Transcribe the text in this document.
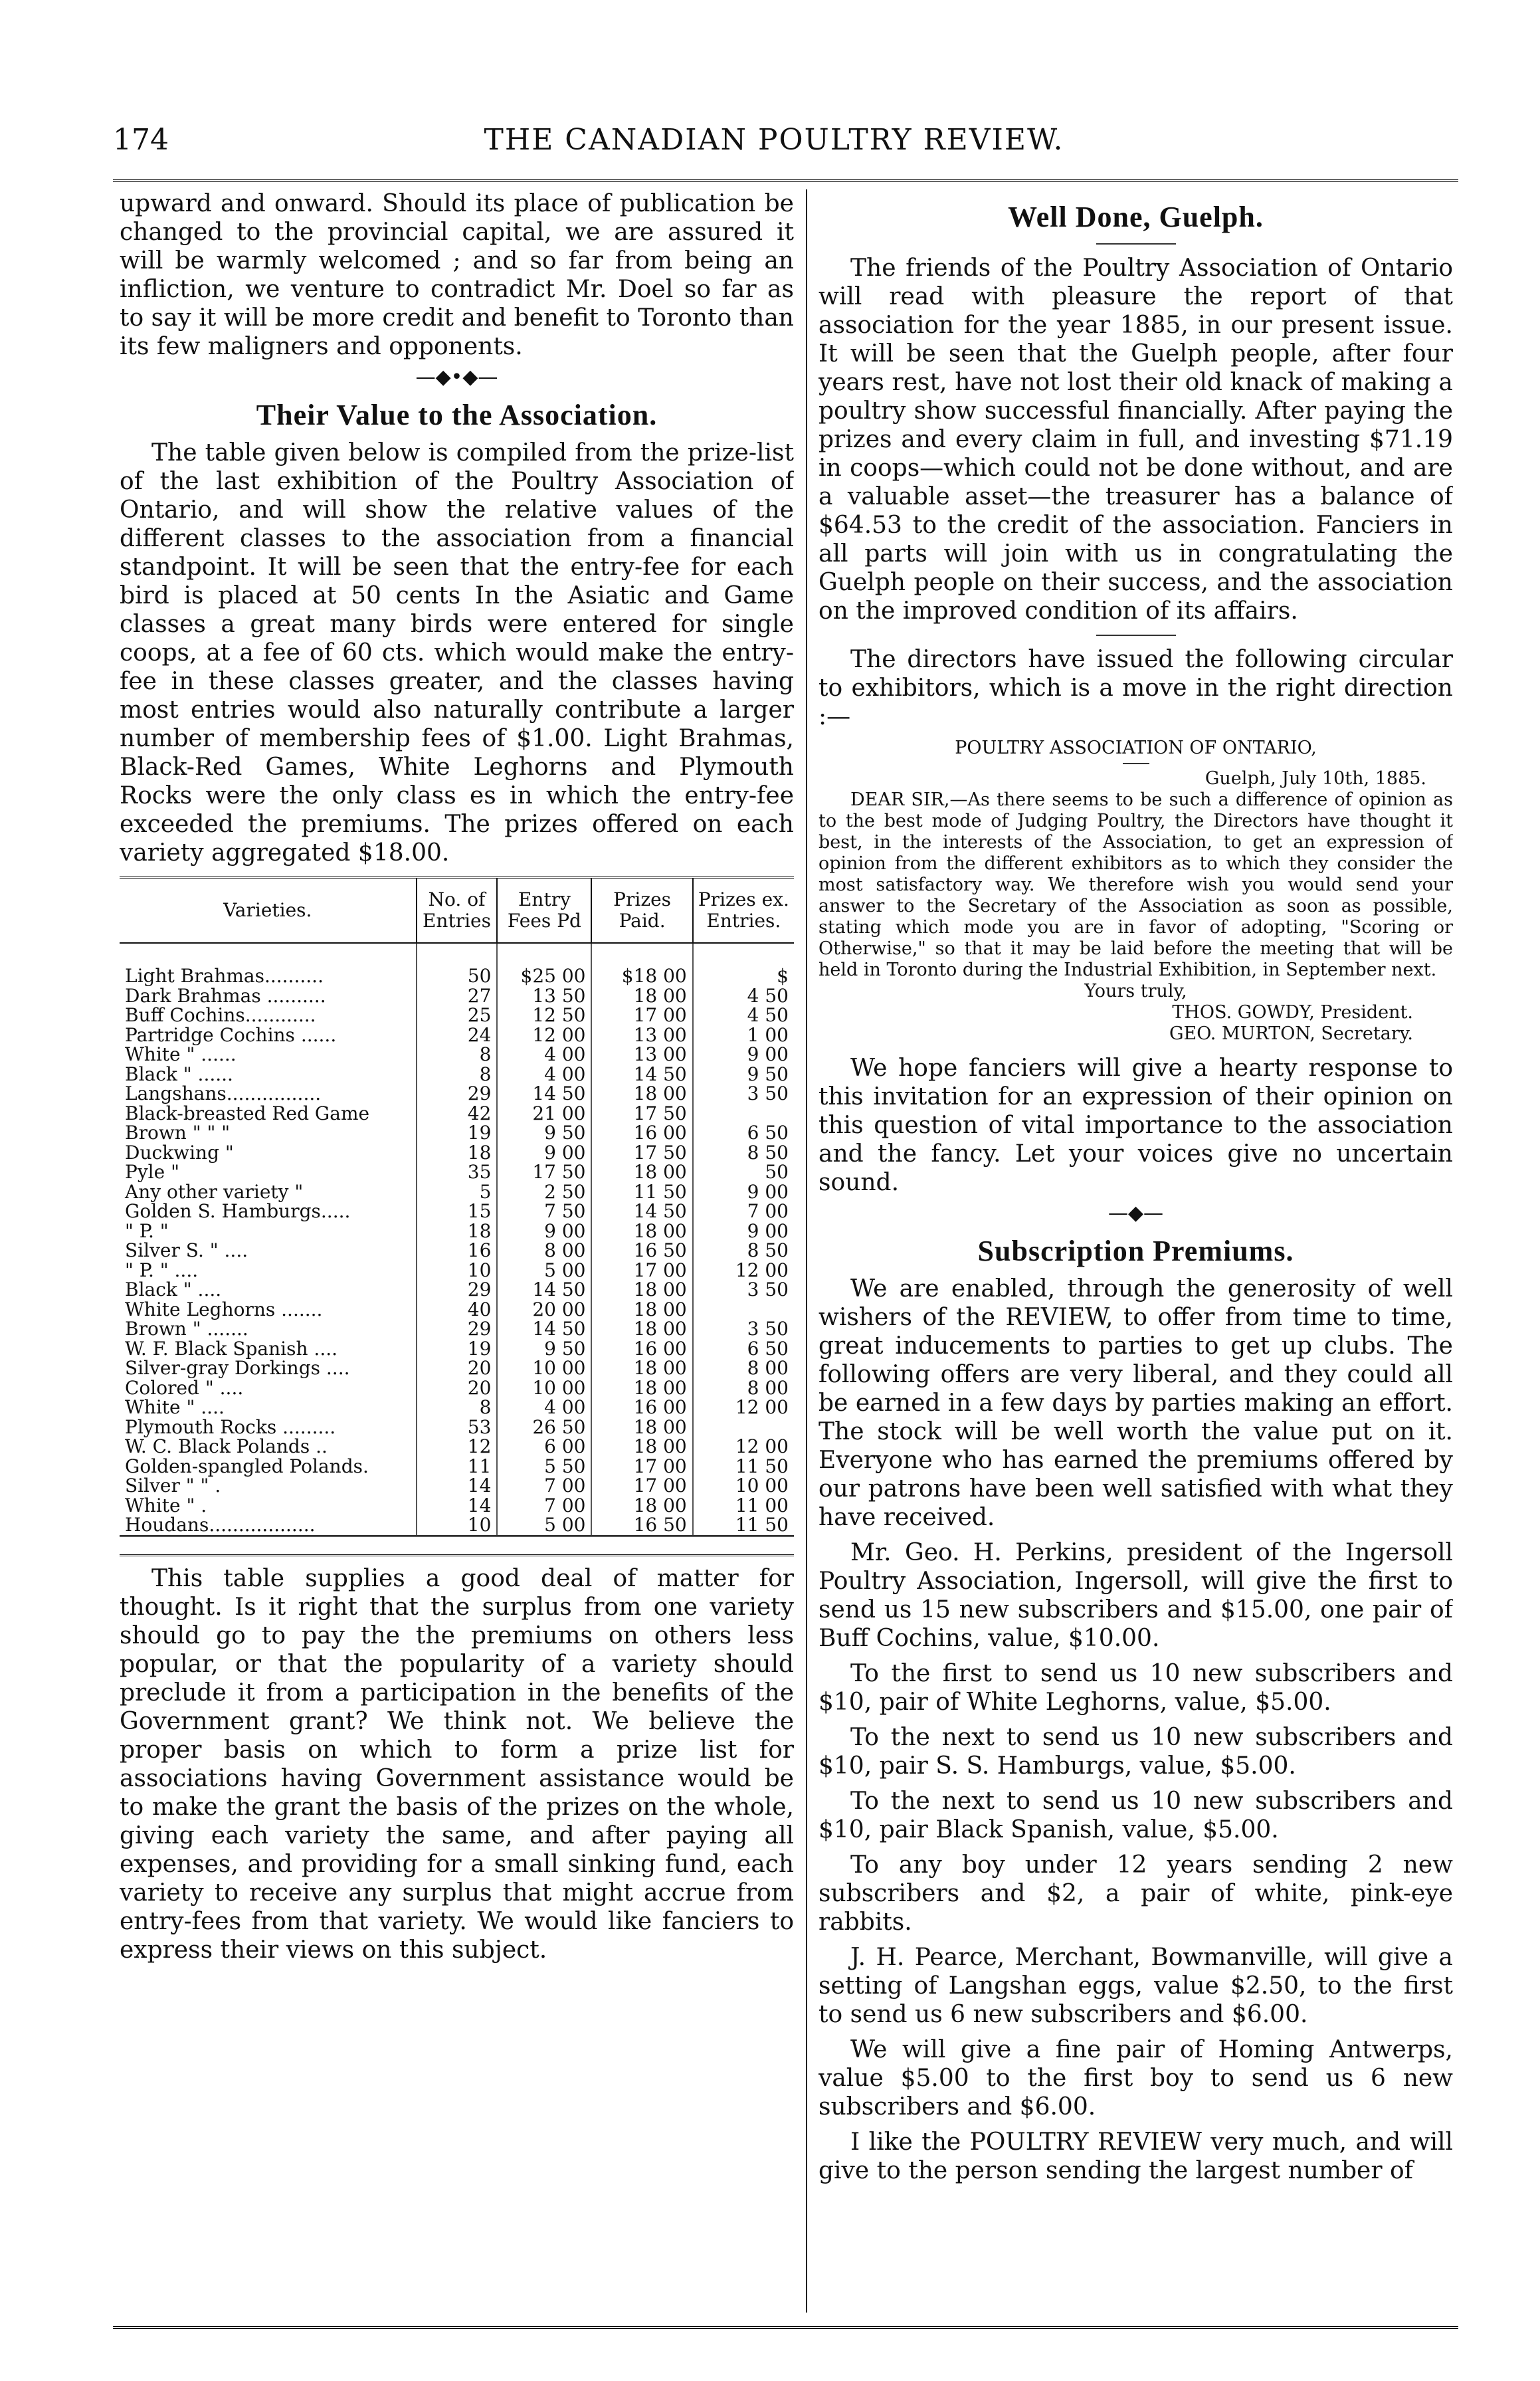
174	THE CANADIAN POULTRY REVIEW.

upward and onward. Should its place of publication be changed to the provincial capital, we are assured it will be warmly welcomed ; and so far from being an infliction, we venture to contradict Mr. Doel so far as to say it will be more credit and benefit to Toronto than its few maligners and opponents.

—◆•◆—
Their Value to the Association.

The table given below is compiled from the prize-list of the last exhibition of the Poultry Association of Ontario, and will show the relative values of the different classes to the association from a financial standpoint. It will be seen that the entry-fee for each bird is placed at 50 cents In the Asiatic and Game classes a great many birds were entered for single coops, at a fee of 60 cts. which would make the entry-fee in these classes greater, and the classes having most entries would also naturally contribute a larger number of membership fees of $1.00. Light Brahmas, Black-Red Games, White Leghorns and Plymouth Rocks were the only class es in which the entry-fee exceeded the premiums. The prizes offered on each variety aggregated $18.00.

Varieties.	No. of Entries	Entry Fees Pd	Prizes Paid.	Prizes ex. Entries.
Light Brahmas..........	50	$25 00	$18 00	$
Dark Brahmas ..........	27	13 50	18 00	4 50
Buff Cochins............	25	12 50	17 00	4 50
Partridge Cochins ......	24	12 00	13 00	1 00
White " ......	8	4 00	13 00	9 00
Black " ......	8	4 00	14 50	9 50
Langshans................	29	14 50	18 00	3 50
Black-breasted Red Game	42	21 00	17 50	
Brown " " "	19	9 50	16 00	6 50
Duckwing "	18	9 00	17 50	8 50
Pyle "	35	17 50	18 00	50
Any other variety "	5	2 50	11 50	9 00
Golden S. Hamburgs.....	15	7 50	14 50	7 00
" P. "	18	9 00	18 00	9 00
Silver S. " ....	16	8 00	16 50	8 50
" P. " ....	10	5 00	17 00	12 00
Black " ....	29	14 50	18 00	3 50
White Leghorns .......	40	20 00	18 00	
Brown " .......	29	14 50	18 00	3 50
W. F. Black Spanish ....	19	9 50	16 00	6 50
Silver-gray Dorkings ....	20	10 00	18 00	8 00
Colored " ....	20	10 00	18 00	8 00
White " ....	8	4 00	16 00	12 00
Plymouth Rocks .........	53	26 50	18 00	
W. C. Black Polands ..	12	6 00	18 00	12 00
Golden-spangled Polands.	11	5 50	17 00	11 50
Silver " " .	14	7 00	17 00	10 00
White " .	14	7 00	18 00	11 00
Houdans..................	10	5 00	16 50	11 50

This table supplies a good deal of matter for thought. Is it right that the surplus from one variety should go to pay the the premiums on others less popular, or that the popularity of a variety should preclude it from a participation in the benefits of the Government grant? We think not. We believe the proper basis on which to form a prize list for associations having Government assistance would be to make the grant the basis of the prizes on the whole, giving each variety the same, and after paying all expenses, and providing for a small sinking fund, each variety to receive any surplus that might accrue from entry-fees from that variety. We would like fanciers to express their views on this subject.

Well Done, Guelph.

The friends of the Poultry Association of Ontario will read with pleasure the report of that association for the year 1885, in our present issue. It will be seen that the Guelph people, after four years rest, have not lost their old knack of making a poultry show successful financially. After paying the prizes and every claim in full, and investing $71.19 in coops—which could not be done without, and are a valuable asset—the treasurer has a balance of $64.53 to the credit of the association. Fanciers in all parts will join with us in congratulating the Guelph people on their success, and the association on the improved condition of its affairs.

The directors have issued the following circular to exhibitors, which is a move in the right direction :—

POULTRY ASSOCIATION OF ONTARIO,

Guelph, July 10th, 1885.

DEAR SIR,—As there seems to be such a difference of opinion as to the best mode of Judging Poultry, the Directors have thought it best, in the interests of the Association, to get an expression of opinion from the different exhibitors as to which they consider the most satisfactory way. We therefore wish you would send your answer to the Secretary of the Association as soon as possible, stating which mode you are in favor of adopting, "Scoring or Otherwise," so that it may be laid before the meeting that will be held in Toronto during the Industrial Exhibition, in September next.

Yours truly,

THOS. GOWDY, President.

GEO. MURTON, Secretary.

We hope fanciers will give a hearty response to this invitation for an expression of their opinion on this question of vital importance to the association and the fancy. Let your voices give no uncertain sound.

—◆—
Subscription Premiums.

We are enabled, through the generosity of well wishers of the REVIEW, to offer from time to time, great inducements to parties to get up clubs. The following offers are very liberal, and they could all be earned in a few days by parties making an effort. The stock will be well worth the value put on it. Everyone who has earned the premiums offered by our patrons have been well satisfied with what they have received.

Mr. Geo. H. Perkins, president of the Ingersoll Poultry Association, Ingersoll, will give the first to send us 15 new subscribers and $15.00, one pair of Buff Cochins, value, $10.00.

To the first to send us 10 new subscribers and $10, pair of White Leghorns, value, $5.00.

To the next to send us 10 new subscribers and $10, pair S. S. Hamburgs, value, $5.00.

To the next to send us 10 new subscribers and $10, pair Black Spanish, value, $5.00.

To any boy under 12 years sending 2 new subscribers and $2, a pair of white, pink-eye rabbits.

J. H. Pearce, Merchant, Bowmanville, will give a setting of Langshan eggs, value $2.50, to the first to send us 6 new subscribers and $6.00.

We will give a fine pair of Homing Antwerps, value $5.00 to the first boy to send us 6 new subscribers and $6.00.

I like the POULTRY REVIEW very much, and will give to the person sending the largest number of
